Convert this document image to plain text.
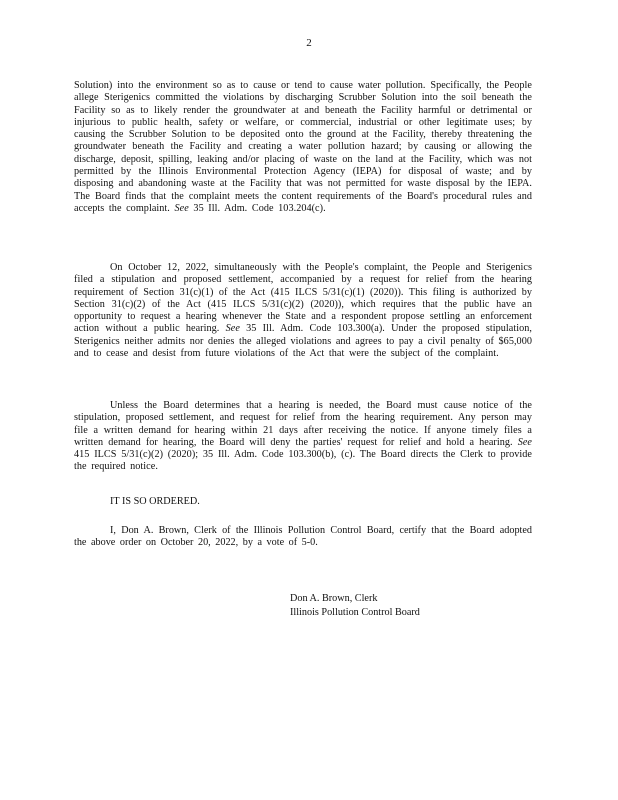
2

Solution) into the environment so as to cause or tend to cause water pollution. Specifically, the People allege Sterigenics committed the violations by discharging Scrubber Solution into the soil beneath the Facility so as to likely render the groundwater at and beneath the Facility harmful or detrimental or injurious to public health, safety or welfare, or commercial, industrial or other legitimate uses; by causing the Scrubber Solution to be deposited onto the ground at the Facility, thereby threatening the groundwater beneath the Facility and creating a water pollution hazard; by causing or allowing the discharge, deposit, spilling, leaking and/or placing of waste on the land at the Facility, which was not permitted by the Illinois Environmental Protection Agency (IEPA) for disposal of waste; and by disposing and abandoning waste at the Facility that was not permitted for waste disposal by the IEPA. The Board finds that the complaint meets the content requirements of the Board's procedural rules and accepts the complaint. See 35 Ill. Adm. Code 103.204(c).

On October 12, 2022, simultaneously with the People's complaint, the People and Sterigenics filed a stipulation and proposed settlement, accompanied by a request for relief from the hearing requirement of Section 31(c)(1) of the Act (415 ILCS 5/31(c)(1) (2020)). This filing is authorized by Section 31(c)(2) of the Act (415 ILCS 5/31(c)(2) (2020)), which requires that the public have an opportunity to request a hearing whenever the State and a respondent propose settling an enforcement action without a public hearing. See 35 Ill. Adm. Code 103.300(a). Under the proposed stipulation, Sterigenics neither admits nor denies the alleged violations and agrees to pay a civil penalty of $65,000 and to cease and desist from future violations of the Act that were the subject of the complaint.

Unless the Board determines that a hearing is needed, the Board must cause notice of the stipulation, proposed settlement, and request for relief from the hearing requirement. Any person may file a written demand for hearing within 21 days after receiving the notice. If anyone timely files a written demand for hearing, the Board will deny the parties' request for relief and hold a hearing. See 415 ILCS 5/31(c)(2) (2020); 35 Ill. Adm. Code 103.300(b), (c). The Board directs the Clerk to provide the required notice.

IT IS SO ORDERED.

I, Don A. Brown, Clerk of the Illinois Pollution Control Board, certify that the Board adopted the above order on October 20, 2022, by a vote of 5-0.

Don A. Brown, Clerk
Illinois Pollution Control Board
